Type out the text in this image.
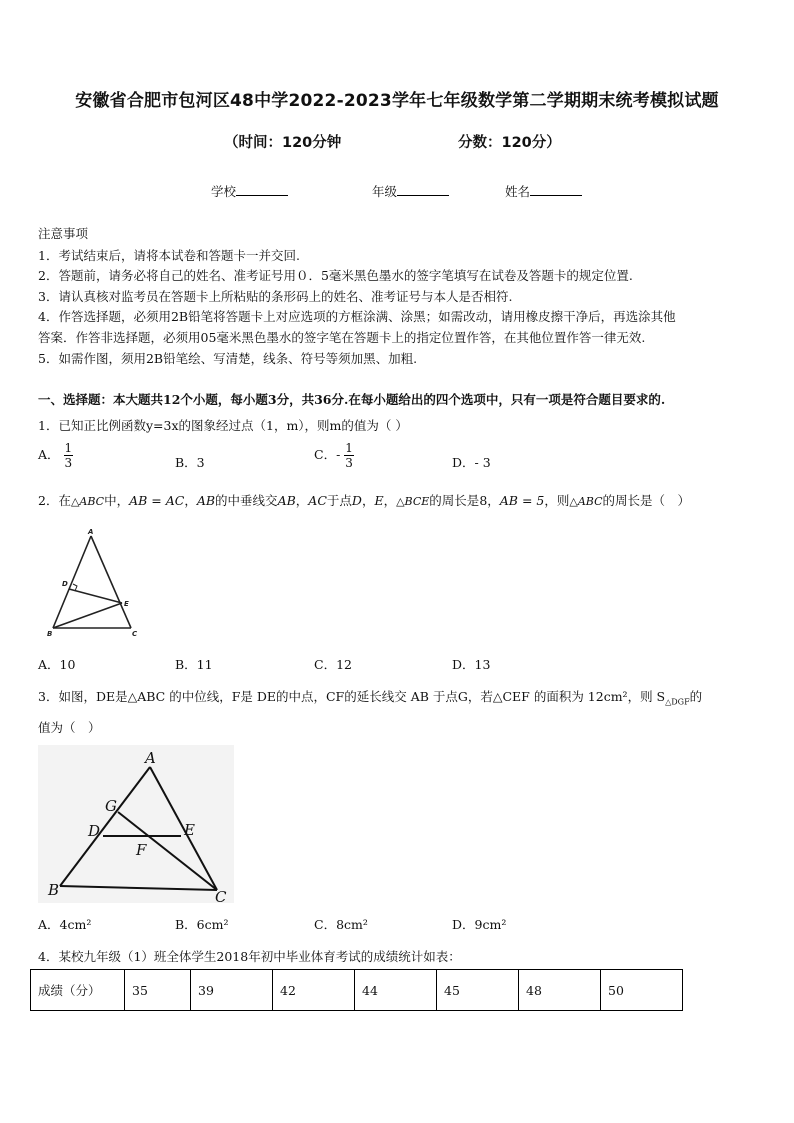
安徽省合肥市包河区48中学2022-2023学年七年级数学第二学期期末统考模拟试题
（时间：120分钟	分数：120分）
学校	年级	姓名
注意事项
1．考试结束后，请将本试卷和答题卡一并交回.
2．答题前，请务必将自己的姓名、准考证号用０．5毫米黑色墨水的签字笔填写在试卷及答题卡的规定位置.
3．请认真核对监考员在答题卡上所粘贴的条形码上的姓名、准考证号与本人是否相符.
4．作答选择题，必须用2B铅笔将答题卡上对应选项的方框涂满、涂黑；如需改动，请用橡皮擦干净后，再选涂其他
答案．作答非选择题，必须用05毫米黑色墨水的签字笔在答题卡上的指定位置作答，在其他位置作答一律无效.
5．如需作图，须用2B铅笔绘、写清楚，线条、符号等须加黑、加粗.
一、选择题：本大题共12个小题，每小题3分，共36分.在每小题给出的四个选项中，只有一项是符合题目要求的.
1．已知正比例函数y=3x的图象经过点（1，m），则m的值为（ ）
A． $\frac{1}{3}$	B．3
C．- $\frac{1}{3}$	D．- 3
2．在△ABC中，AB = AC，AB的中垂线交AB，AC于点D，E，△BCE的周长是8，AB = 5，则△ABC的周长是（　）
A
D
E
B	C
A．10	B．11	C．12	D．13
3．如图，DE是△ABC 的中位线，F是 DE的中点，CF的延长线交 AB 于点G，若△CEF 的面积为 12cm²，则 $S_{\triangle DGF}$的
值为（　）
A
G
D	E
F
B	C
A．4cm²	B．6cm²	C．8cm²	D．9cm²
4．某校九年级（1）班全体学生2018年初中毕业体育考试的成绩统计如表：
成绩（分）	35	39	42	44	45	48	50
